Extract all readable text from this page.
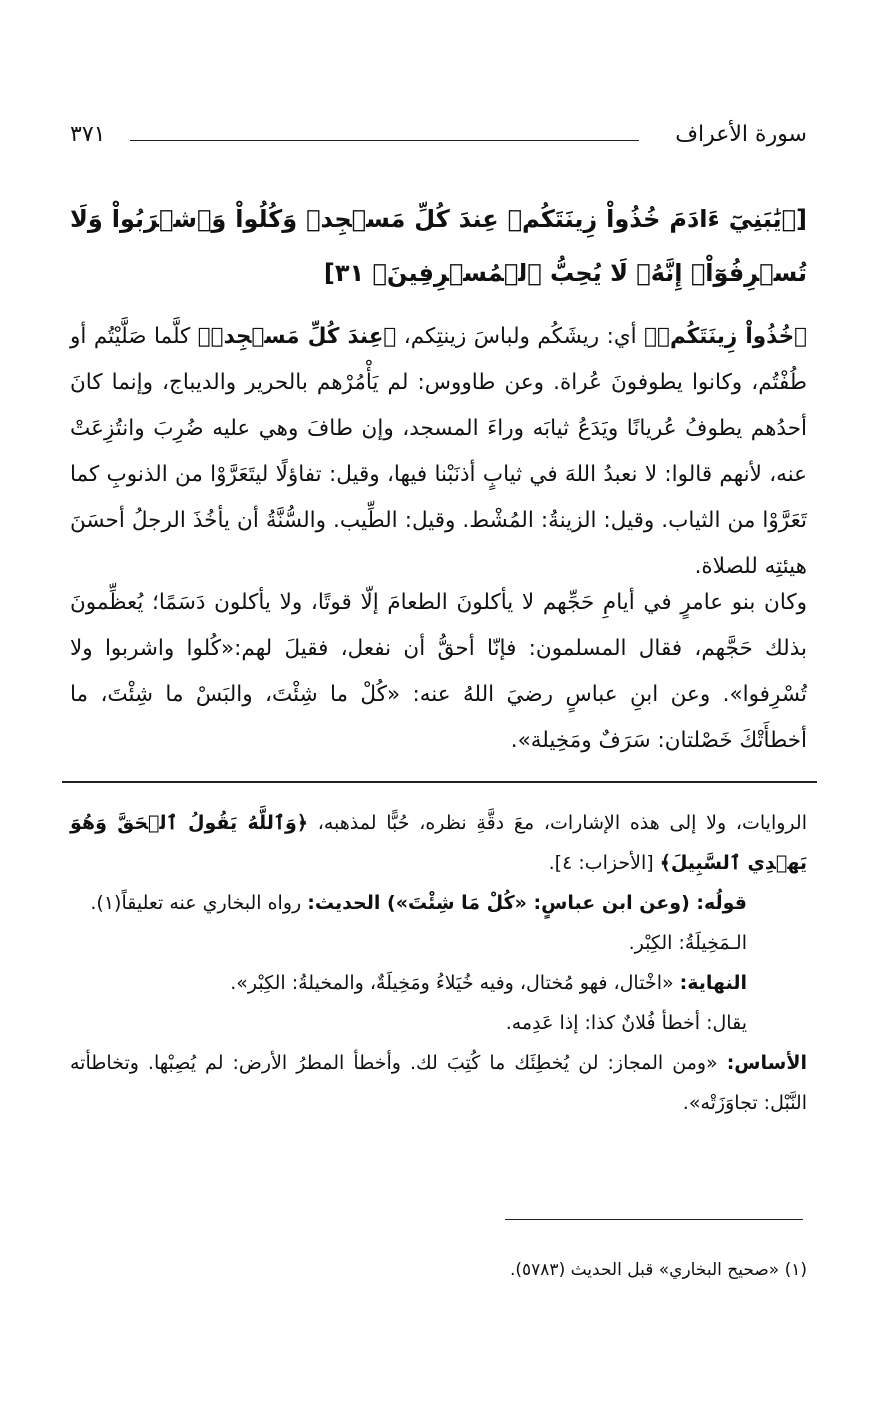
سورة الأعراف
٣٧١

[﴿يَٰبَنِيٓ ءَادَمَ خُذُواْ زِينَتَكُمۡ عِندَ كُلِّ مَسۡجِدٖ وَكُلُواْ وَٱشۡرَبُواْ وَلَا تُسۡرِفُوٓاْۚ إِنَّهُۥ لَا يُحِبُّ ٱلۡمُسۡرِفِينَ﴾ ٣١]

﴿خُذُواْ زِينَتَكُمۡ﴾ أي: ريشَكُم ولباسَ زينتِكم، ﴿عِندَ كُلِّ مَسۡجِدٖ﴾ كلَّما صَلَّيْتُم أو طُفْتُم، وكانوا يطوفونَ عُراة. وعن طاووس: لم يَأْمُرْهم بالحرير والديباج، وإنما كانَ أحدُهم يطوفُ عُريانًا ويَدَعُ ثيابَه وراءَ المسجد، وإن طافَ وهي عليه ضُرِبَ وانتُزِعَتْ عنه، لأنهم قالوا: لا نعبدُ اللهَ في ثيابٍ أذنَبْنا فيها، وقيل: تفاؤلًا ليتَعَرَّوْا من الذنوبِ كما تَعَرَّوْا من الثياب. وقيل: الزينةُ: المُشْط. وقيل: الطِّيب. والسُّنَّةُ أن يأخُذَ الرجلُ أحسَنَ هيئتِه للصلاة.

وكان بنو عامرٍ في أيامِ حَجِّهم لا يأكلونَ الطعامَ إلّا قوتًا، ولا يأكلون دَسَمًا؛ يُعظِّمونَ بذلك حَجَّهم، فقال المسلمون: فإنّا أحقُّ أن نفعل، فقيلَ لهم:«كُلوا واشربوا ولا تُسْرِفوا». وعن ابنِ عباسٍ رضيَ اللهُ عنه: «كُلْ ما شِئْتَ، والبَسْ ما شِئْتَ، ما أخطأَتْكَ خَصْلتان: سَرَفٌ ومَخِيلة».

الروايات، ولا إلى هذه الإشارات، معَ دقَّةِ نظره، حُبًّا لمذهبه، ﴿وَٱللَّهُ يَقُولُ ٱلۡحَقَّ وَهُوَ يَهۡدِي ٱلسَّبِيلَ﴾ [الأحزاب: ٤].

قولُه: (وعن ابن عباسٍ: «كُلْ مَا شِئْتَ») الحديث: رواه البخاري عنه تعليقاً(١).

الـمَخِيلَةُ: الكِبْر.

النهاية: «اخْتال، فهو مُختال، وفيه خُيَلاءُ ومَخِيلَةٌ، والمخيلةُ: الكِبْر».

يقال: أخطأ فُلانٌ كذا: إذا عَدِمه.

الأساس: «ومن المجاز: لن يُخطِئَك ما كُتِبَ لك. وأخطأ المطرُ الأرض: لم يُصِبْها. وتخاطأته النَّبْل: تجاوَزَتْه».

(١) «صحيح البخاري» قبل الحديث (٥٧٨٣).
